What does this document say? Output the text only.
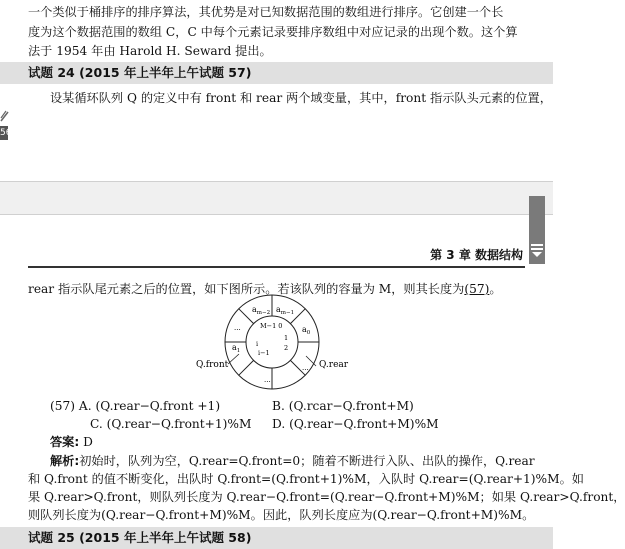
一个类似于桶排序的排序算法，其优势是对已知数据范围的数组进行排序。它创建一个长
度为这个数据范围的数组 C，C 中每个元素记录要排序数组中对应记录的出现个数。这个算
法于 1954 年由 Harold H. Seward 提出。
试题 24 (2015 年上半年上午试题 57)
设某循环队列 Q 的定义中有 front 和 rear 两个域变量，其中，front 指示队头元素的位置，
56
第 3 章 数据结构
rear 指示队尾元素之后的位置，如下图所示。若该队列的容量为 M，则其长度为(57)。
$a_{m-2}$ $a_{m-1}$
$a_0$
$a_1$
...
...
...
M−1 0
1
2
i
i−1
Q.front	Q.rear
(57) A. (Q.rear−Q.front +1)	B. (Q.rcar−Q.front+M)
C. (Q.rear−Q.front+1)%M D. (Q.rear−Q.front+M)%M
答案: D
解析:初始时，队列为空，Q.rear=Q.front=0；随着不断进行入队、出队的操作，Q.rear
和 Q.front 的值不断变化，出队时 Q.front=(Q.front+1)%M，入队时 Q.rear=(Q.rear+1)%M。如
果 Q.rear>Q.front，则队列长度为 Q.rear−Q.front=(Q.rear−Q.front+M)%M；如果 Q.rear>Q.front，
则队列长度为(Q.rear−Q.front+M)%M。因此，队列长度应为(Q.rear−Q.front+M)%M。
试题 25 (2015 年上半年上午试题 58)
